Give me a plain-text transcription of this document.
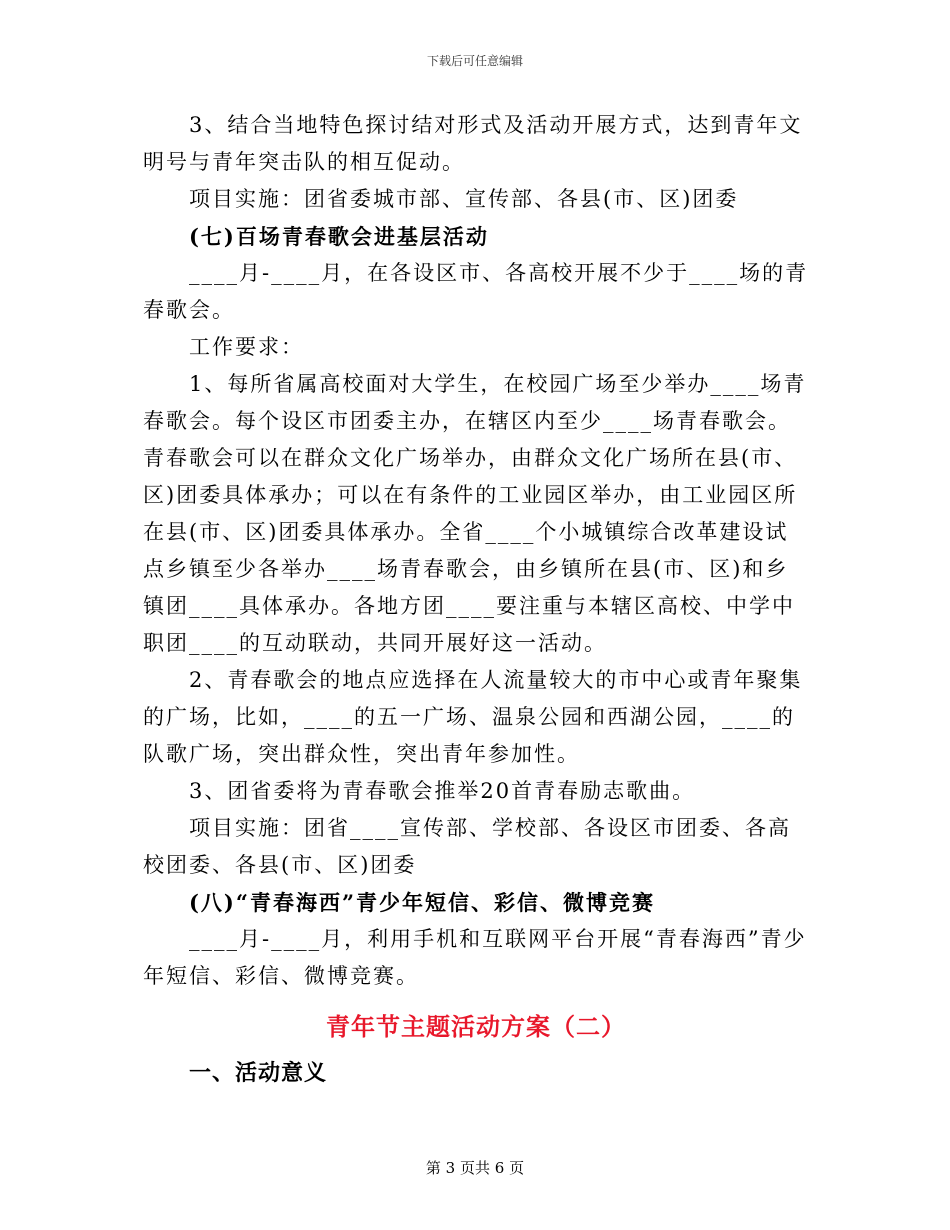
下载后可任意编辑

3、结合当地特色探讨结对形式及活动开展方式，达到青年文明号与青年突击队的相互促动。

项目实施：团省委城市部、宣传部、各县(市、区)团委

(七)百场青春歌会进基层活动

____月-____月，在各设区市、各高校开展不少于____场的青春歌会。

工作要求：

1、每所省属高校面对大学生，在校园广场至少举办____场青春歌会。每个设区市团委主办，在辖区内至少____场青春歌会。青春歌会可以在群众文化广场举办，由群众文化广场所在县(市、区)团委具体承办；可以在有条件的工业园区举办，由工业园区所在县(市、区)团委具体承办。全省____个小城镇综合改革建设试点乡镇至少各举办____场青春歌会，由乡镇所在县(市、区)和乡镇团____具体承办。各地方团____要注重与本辖区高校、中学中职团____的互动联动，共同开展好这一活动。

2、青春歌会的地点应选择在人流量较大的市中心或青年聚集的广场，比如，____的五一广场、温泉公园和西湖公园，____的队歌广场，突出群众性，突出青年参加性。

3、团省委将为青春歌会推举20首青春励志歌曲。

项目实施：团省____宣传部、学校部、各设区市团委、各高校团委、各县(市、区)团委

(八)“青春海西”青少年短信、彩信、微博竞赛

____月-____月，利用手机和互联网平台开展“青春海西”青少年短信、彩信、微博竞赛。

青年节主题活动方案（二）

一、活动意义

第 3 页共 6 页
